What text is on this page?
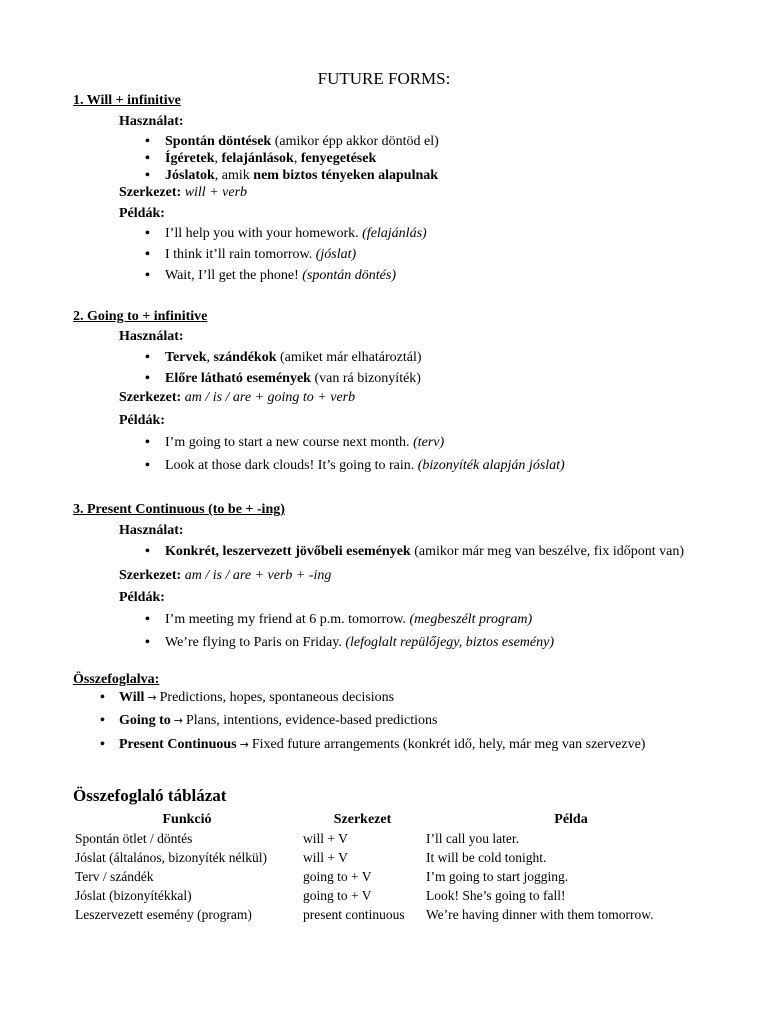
FUTURE FORMS:
1. Will + infinitive
Használat:
• Spontán döntések (amikor épp akkor döntöd el)
• Ígéretek, felajánlások, fenyegetések
• Jóslatok, amik nem biztos tényeken alapulnak
Szerkezet: will + verb
Példák:
• I’ll help you with your homework. (felajánlás)
• I think it’ll rain tomorrow. (jóslat)
• Wait, I’ll get the phone! (spontán döntés)
2. Going to + infinitive
Használat:
• Tervek, szándékok (amiket már elhatároztál)
• Előre látható események (van rá bizonyíték)
Szerkezet: am / is / are + going to + verb
Példák:
• I’m going to start a new course next month. (terv)
• Look at those dark clouds! It’s going to rain. (bizonyíték alapján jóslat)
3. Present Continuous (to be + -ing)
Használat:
• Konkrét, leszervezett jövőbeli események (amikor már meg van beszélve, fix időpont van)
Szerkezet: am / is / are + verb + -ing
Példák:
• I’m meeting my friend at 6 p.m. tomorrow. (megbeszélt program)
• We’re flying to Paris on Friday. (lefoglalt repülőjegy, biztos esemény)
Összefoglalva:
• Will → Predictions, hopes, spontaneous decisions
• Going to → Plans, intentions, evidence-based predictions
• Present Continuous → Fixed future arrangements (konkrét idő, hely, már meg van szervezve)
Összefoglaló táblázat
Funkció	Szerkezet	Példa
Spontán ötlet / döntés	will + V	I’ll call you later.
Jóslat (általános, bizonyíték nélkül)	will + V	It will be cold tonight.
Terv / szándék	going to + V	I’m going to start jogging.
Jóslat (bizonyítékkal)	going to + V	Look! She’s going to fall!
Leszervezett esemény (program)	present continuous	We’re having dinner with them tomorrow.
